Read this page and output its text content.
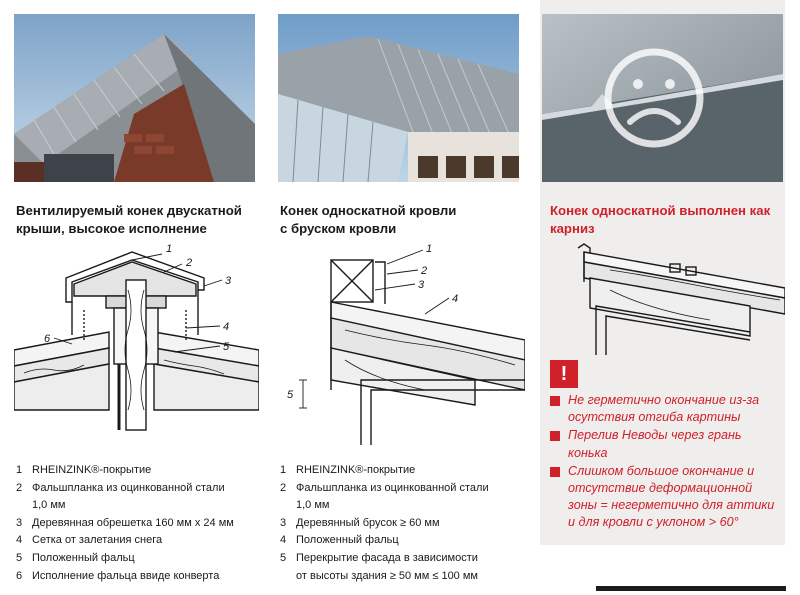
Вентилируемый конек двускатной
крыши, высокое исполнение
1
2
3
4
5
6
1 RHEINZINK®-покрытие
2 Фальшпланка из оцинкованной стали
1,0 мм
3 Деревянная обрешетка 160 мм х 24 мм
4 Сетка от залетания снега
5 Положенный фальц
6 Исполнение фальца ввиде конверта
Конек односкатной кровли
с бруском кровли
1
2
3
4
5
1 RHEINZINK®-покрытие
2 Фальшпланка из оцинкованной стали
1,0 мм
3 Деревянный брусок ≥ 60 мм
4 Положенный фальц
5 Перекрытие фасада в зависимости
от высоты здания ≥ 50 мм ≤ 100 мм
Конек односкатной выполнен как
карниз
!
Не герметично окончание из-за осутствия отгиба картины
Перелив Неводы через грань конька
Слишком большое окончание и отсутствие деформационной зоны = негерметично для аттики и для кровли с уклоном > 60°
